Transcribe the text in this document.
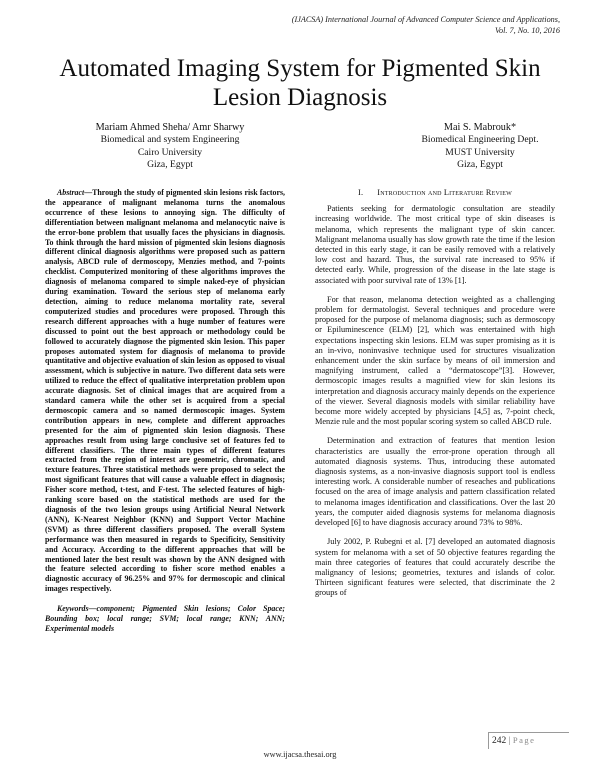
(IJACSA) International Journal of Advanced Computer Science and Applications,
Vol. 7, No. 10, 2016
Automated Imaging System for Pigmented Skin
Lesion Diagnosis
Mariam Ahmed Sheha/ Amr Sharwy
Biomedical and system Engineering
Cairo University
Giza, Egypt
Mai S. Mabrouk*
Biomedical Engineering Dept.
MUST University
Giza, Egypt

Abstract—Through the study of pigmented skin lesions risk factors, the appearance of malignant melanoma turns the anomalous occurrence of these lesions to annoying sign. The difficulty of differentiation between malignant melanoma and melanocytic naive is the error-bone problem that usually faces the physicians in diagnosis. To think through the hard mission of pigmented skin lesions diagnosis different clinical diagnosis algorithms were proposed such as pattern analysis, ABCD rule of dermoscopy, Menzies method, and 7-points checklist. Computerized monitoring of these algorithms improves the diagnosis of melanoma compared to simple naked-eye of physician during examination. Toward the serious step of melanoma early detection, aiming to reduce melanoma mortality rate, several computerized studies and procedures were proposed. Through this research different approaches with a huge number of features were discussed to point out the best approach or methodology could be followed to accurately diagnose the pigmented skin lesion. This paper proposes automated system for diagnosis of melanoma to provide quantitative and objective evaluation of skin lesion as opposed to visual assessment, which is subjective in nature. Two different data sets were utilized to reduce the effect of qualitative interpretation problem upon accurate diagnosis. Set of clinical images that are acquired from a standard camera while the other set is acquired from a special dermoscopic camera and so named dermoscopic images. System contribution appears in new, complete and different approaches presented for the aim of pigmented skin lesion diagnosis. These approaches result from using large conclusive set of features fed to different classifiers. The three main types of different features extracted from the region of interest are geometric, chromatic, and texture features. Three statistical methods were proposed to select the most significant features that will cause a valuable effect in diagnosis; Fisher score method, t-test, and F-test. The selected features of high-ranking score based on the statistical methods are used for the diagnosis of the two lesion groups using Artificial Neural Network (ANN), K-Nearest Neighbor (KNN) and Support Vector Machine (SVM) as three different classifiers proposed. The overall System performance was then measured in regards to Specificity, Sensitivity and Accuracy. According to the different approaches that will be mentioned later the best result was shown by the ANN designed with the feature selected according to fisher score method enables a diagnostic accuracy of 96.25% and 97% for dermoscopic and clinical images respectively.

Keywords—component; Pigmented Skin lesions; Color Space; Bounding box; local range; SVM; local range; KNN; ANN; Experimental models

I. Introduction and Literature Review

Patients seeking for dermatologic consultation are steadily increasing worldwide. The most critical type of skin diseases is melanoma, which represents the malignant type of skin cancer. Malignant melanoma usually has slow growth rate the time if the lesion detected in this early stage, it can be easily removed with a relatively low cost and hazard. Thus, the survival rate increased to 95% if detected early. While, progression of the disease in the late stage is associated with poor survival rate of 13% [1].

For that reason, melanoma detection weighted as a challenging problem for dermatologist. Several techniques and procedure were proposed for the purpose of melanoma diagnosis; such as dermoscopy or Epiluminescence (ELM) [2], which was entertained with high expectations inspecting skin lesions. ELM was super promising as it is an in-vivo, noninvasive technique used for structures visualization enhancement under the skin surface by means of oil immersion and magnifying instrument, called a “dermatoscope”[3]. However, dermoscopic images results a magnified view for skin lesions its interpretation and diagnosis accuracy mainly depends on the experience of the viewer. Several diagnosis models with similar reliability have become more widely accepted by physicians [4,5] as, 7-point check, Menzie rule and the most popular scoring system so called ABCD rule.

Determination and extraction of features that mention lesion characteristics are usually the error-prone operation through all automated diagnosis systems. Thus, introducing these automated diagnosis systems, as a non-invasive diagnosis support tool is endless interesting work. A considerable number of reseaches and publications focused on the area of image analysis and pattern classification related to melanoma images identification and classifications. Over the last 20 years, the computer aided diagnosis systems for melanoma diagnosis developed [6] to have diagnosis accuracy around 73% to 98%.

July 2002, P. Rubegni et al. [7] developed an automated diagnosis system for melanoma with a set of 50 objective features regarding the main three categories of features that could accurately describe the malignancy of lesions; geometries, textures and islands of color. Thirteen significant features were selected, that discriminate the 2 groups of

242 | Page
www.ijacsa.thesai.org
